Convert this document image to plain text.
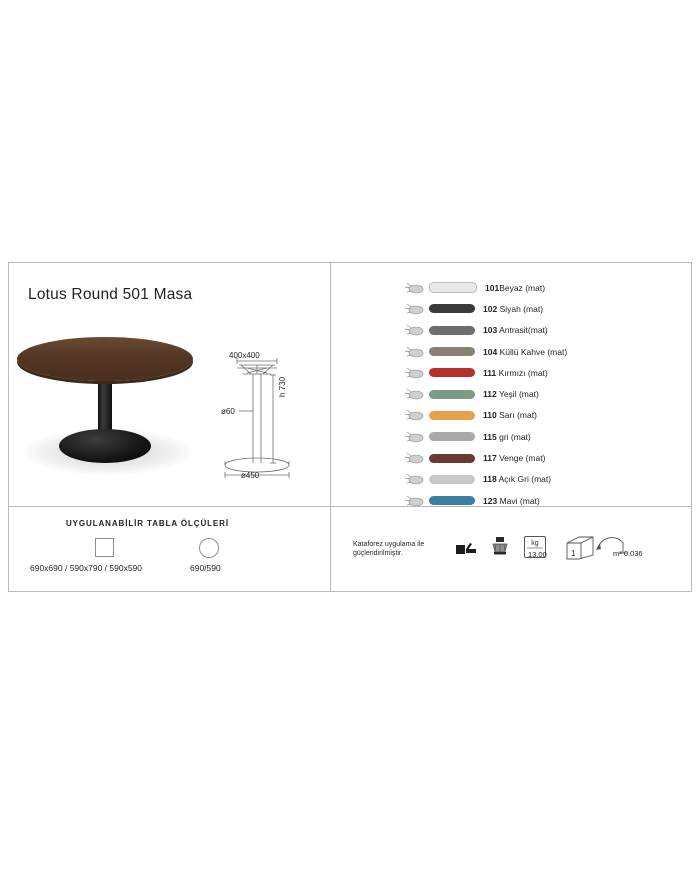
Lotus Round 501 Masa
400x400
h 730
ø60
ø450
101Beyaz (mat)
102 Siyah (mat)
103 Antrasit(mat)
104 Küllü Kahve (mat)
111 Kırmızı (mat)
112 Yeşil (mat)
110 Sarı (mat)
115 gri (mat)
117 Venge (mat)
118 Açık Gri (mat)
123 Mavi (mat)
UYGULANABİLİR TABLA ÖLÇÜLERİ
690x690 / 590x790 / 590x590	690/590
Kataforez uygulama ile güçlendirilmiştir.
kg
13.00	1	m³ 0.036
